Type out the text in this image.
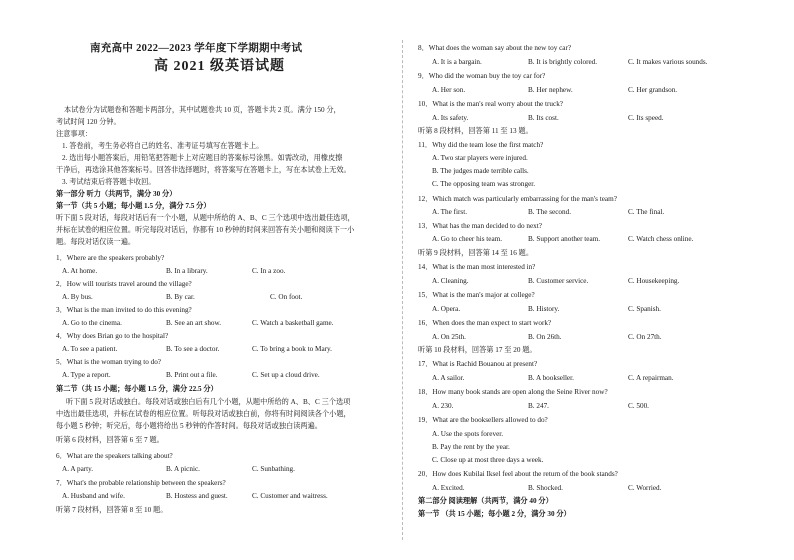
南充高中 2022—2023 学年度下学期期中考试
高 2021 级英语试题
本试卷分为试题卷和答题卡两部分，其中试题卷共 10 页，答题卡共 2 页。满分 150 分，
考试时间 120 分钟。
注意事项：
1. 答卷前，考生务必将自己的姓名、准考证号填写在答题卡上。
2. 选出每小题答案后，用铅笔把答题卡上对应题目的答案标号涂黑。如需改动，用橡皮擦
干净后，再选涂其他答案标号。回答非选择题时，将答案写在答题卡上，写在本试卷上无效。
3. 考试结束后将答题卡收回。
第一部分 听力（共两节，满分 30 分）
第一节（共 5 小题；每小题 1.5 分，满分 7.5 分）
听下面 5 段对话，每段对话后有一个小题，从题中所给的 A、B、C 三个选项中选出最佳选项，
并标在试卷的相应位置。听完每段对话后，你都有 10 秒钟的时间来回答有关小题和阅读下一小
题。每段对话仅读一遍。
1．Where are the speakers probably?
A. At home.	B. In a library.	C. In a zoo.
2．How will tourists travel around the village?
A. By bus.	B. By car.	C. On foot.
3．What is the man invited to do this evening?
A. Go to the cinema.	B. See an art show.	C. Watch a basketball game.
4．Why does Brian go to the hospital?
A. To see a patient.	B. To see a doctor.	C. To bring a book to Mary.
5．What is the woman trying to do?
A. Type a report.	B. Print out a file.	C. Set up a cloud drive.
第二节（共 15 小题；每小题 1.5 分，满分 22.5 分）
听下面 5 段对话或独白。每段对话或独白后有几个小题，从题中所给的 A、B、C 三个选项
中选出最佳选项，并标在试卷的相应位置。听每段对话或独白前，你将有时间阅读各个小题，
每小题 5 秒钟；听完后，每小题将给出 5 秒钟的作答时间。每段对话或独白读两遍。
听第 6 段材料，回答第 6 至 7 题。
6．What are the speakers talking about?
A. A party.	B. A picnic.	C. Sunbathing.
7．What's the probable relationship between the speakers?
A. Husband and wife.	B. Hostess and guest.	C. Customer and waitress.
听第 7 段材料，回答第 8 至 10 题。
8．What does the woman say about the new toy car?
A. It is a bargain.	B. It is brightly colored.	C. It makes various sounds.
9．Who did the woman buy the toy car for?
A. Her son.	B. Her nephew.	C. Her grandson.
10．What is the man's real worry about the truck?
A. Its safety.	B. Its cost.	C. Its speed.
听第 8 段材料，回答第 11 至 13 题。
11．Why did the team lose the first match?
A. Two star players were injured.
B. The judges made terrible calls.
C. The opposing team was stronger.
12．Which match was particularly embarrassing for the man's team?
A. The first.	B. The second.	C. The final.
13．What has the man decided to do next?
A. Go to cheer his team.	B. Support another team.	C. Watch chess online.
听第 9 段材料，回答第 14 至 16 题。
14．What is the man most interested in?
A. Cleaning.	B. Customer service.	C. Housekeeping.
15．What is the man's major at college?
A. Opera.	B. History.	C. Spanish.
16．When does the man expect to start work?
A. On 25th.	B. On 26th.	C. On 27th.
听第 10 段材料，回答第 17 至 20 题。
17．What is Rachid Bouanou at present?
A. A sailor.	B. A bookseller.	C. A repairman.
18．How many book stands are open along the Seine River now?
A. 230.	B. 247.	C. 500.
19．What are the booksellers allowed to do?
A. Use the spots forever.
B. Pay the rent by the year.
C. Close up at most three days a week.
20．How does Kubilai Iksel feel about the return of the book stands?
A. Excited.	B. Shocked.	C. Worried.
第二部分 阅读理解（共两节，满分 40 分）
第一节 （共 15 小题；每小题 2 分，满分 30 分）
